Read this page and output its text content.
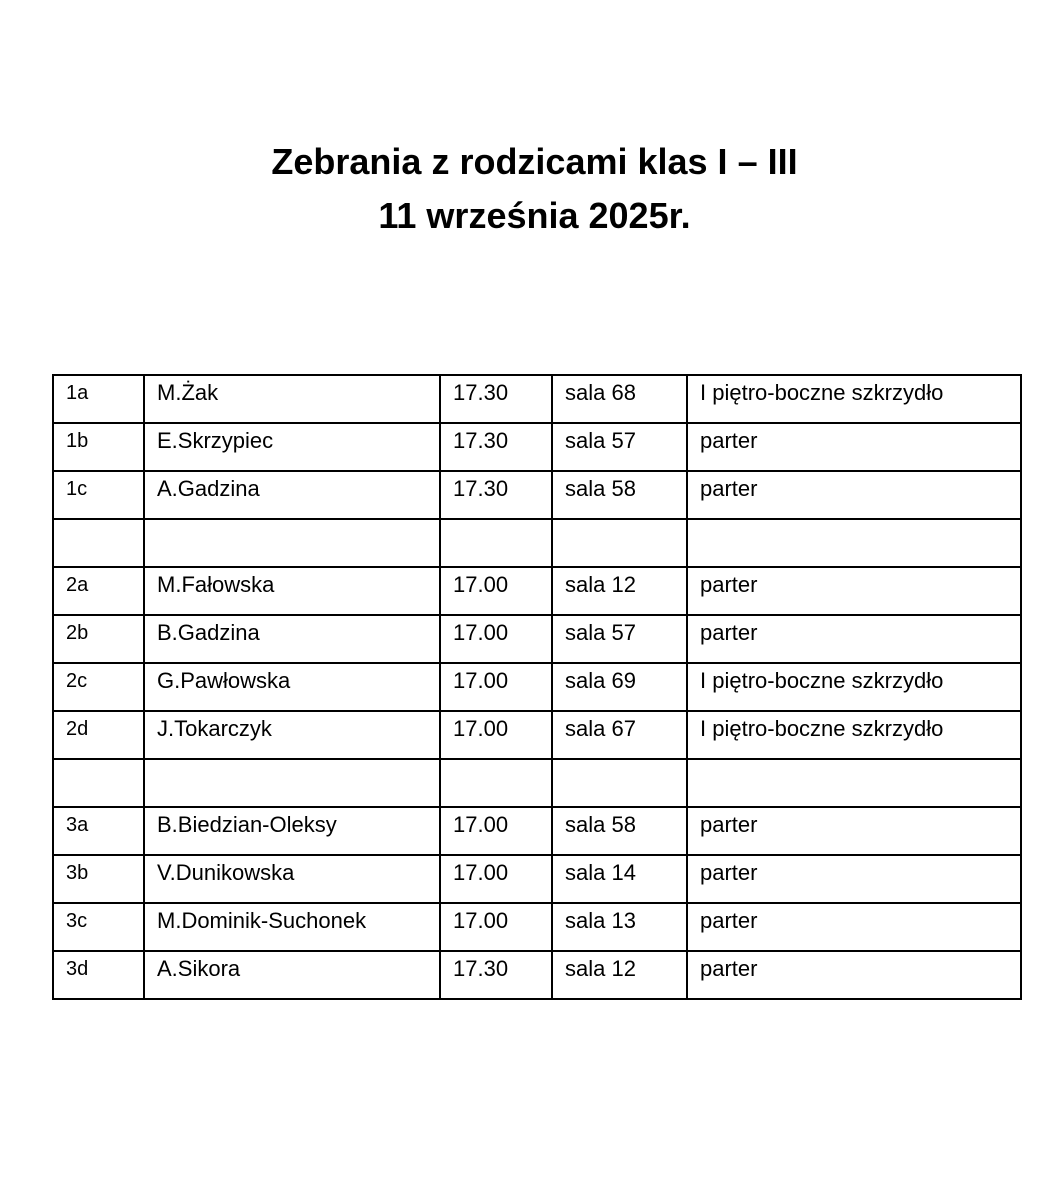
Zebrania z rodzicami klas I – III
11 września 2025r.
1a	M.Żak	17.30	sala 68	I piętro-boczne szkrzydło
1b	E.Skrzypiec	17.30	sala 57	parter
1c	A.Gadzina	17.30	sala 58	parter

2a	M.Fałowska	17.00	sala 12	parter
2b	B.Gadzina	17.00	sala 57	parter
2c	G.Pawłowska	17.00	sala 69	I piętro-boczne szkrzydło
2d	J.Tokarczyk	17.00	sala 67	I piętro-boczne szkrzydło

3a	B.Biedzian-Oleksy	17.00	sala 58	parter
3b	V.Dunikowska	17.00	sala 14	parter
3c	M.Dominik-Suchonek	17.00	sala 13	parter
3d	A.Sikora	17.30	sala 12	parter
